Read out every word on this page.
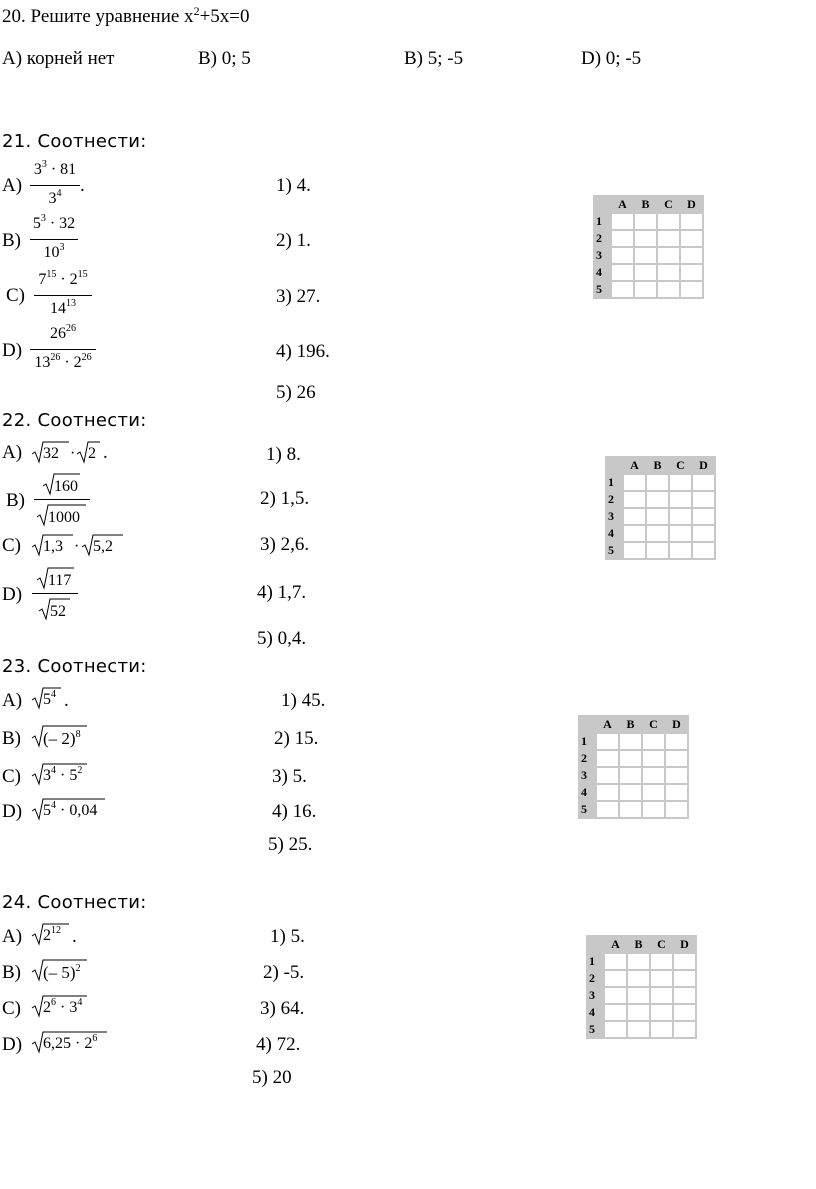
20. Решите уравнение $x^2+5x=0$
A) корней нет	B) 0; 5	B) 5; -5	D) 0; -5
21. Соотнести:
A)
$3^3 \cdot 81$
$3^4$ .
B)
$5^3 \cdot 32$
$10^3$
C)
$7^{15} \cdot 2^{15}$
$14^{13}$
D)
$26^{26}$
$13^{26} \cdot 2^{26}$
1) 4.
2) 1.
3) 27.
4) 196.
5) 26
	A	B	C	D
1				
2				
3				
4				
5				
22. Соотнести:
A) 32 · 2 .
B)
160
1000
C) 1,3 · 5,2
D)
117
52
1) 8.
2) 1,5.
3) 2,6.
4) 1,7.
5) 0,4.
	A	B	C	D
1				
2				
3				
4				
5				
23. Соотнести:
A) $5^4$ .
B) (– 2)$^8$
C) $3^4 \cdot 5^2$
D) $5^4 \cdot 0,04$
1) 45.
2) 15.
3) 5.
4) 16.
5) 25.
	A	B	C	D
1				
2				
3				
4				
5				
24. Соотнести:
A) $2^{12}$ .
B) (– 5)$^2$
C) $2^6 \cdot 3^4$
D) $6,25 \cdot 2^6$
1) 5.
2) -5.
3) 64.
4) 72.
5) 20
	A	B	C	D
1				
2				
3				
4				
5				
